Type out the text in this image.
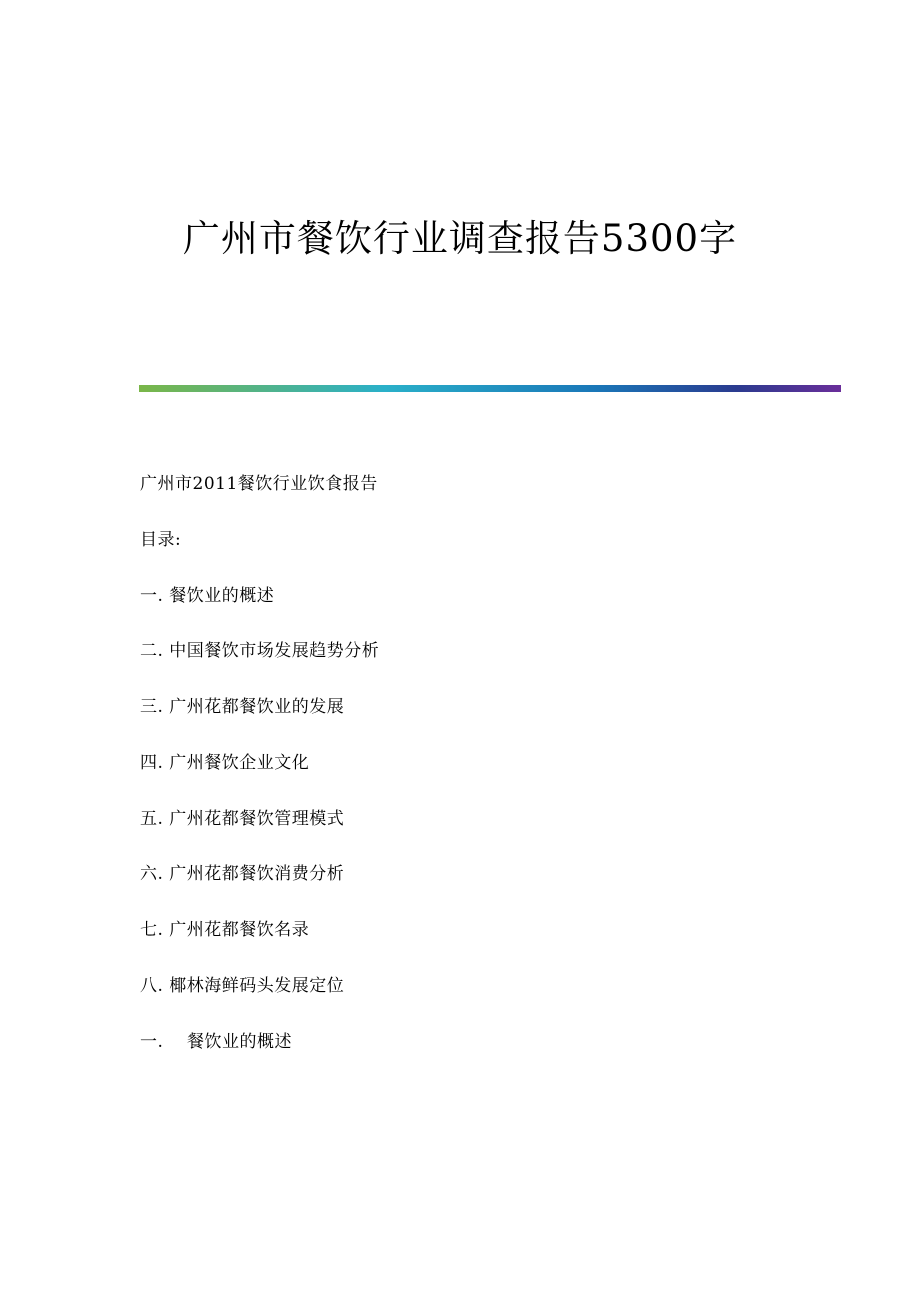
广州市餐饮行业调查报告5300字
广州市2011餐饮行业饮食报告
目录:
一. 餐饮业的概述
二. 中国餐饮市场发展趋势分析
三. 广州花都餐饮业的发展
四. 广州餐饮企业文化
五. 广州花都餐饮管理模式
六. 广州花都餐饮消费分析
七. 广州花都餐饮名录
八. 椰林海鲜码头发展定位
一. 餐饮业的概述
